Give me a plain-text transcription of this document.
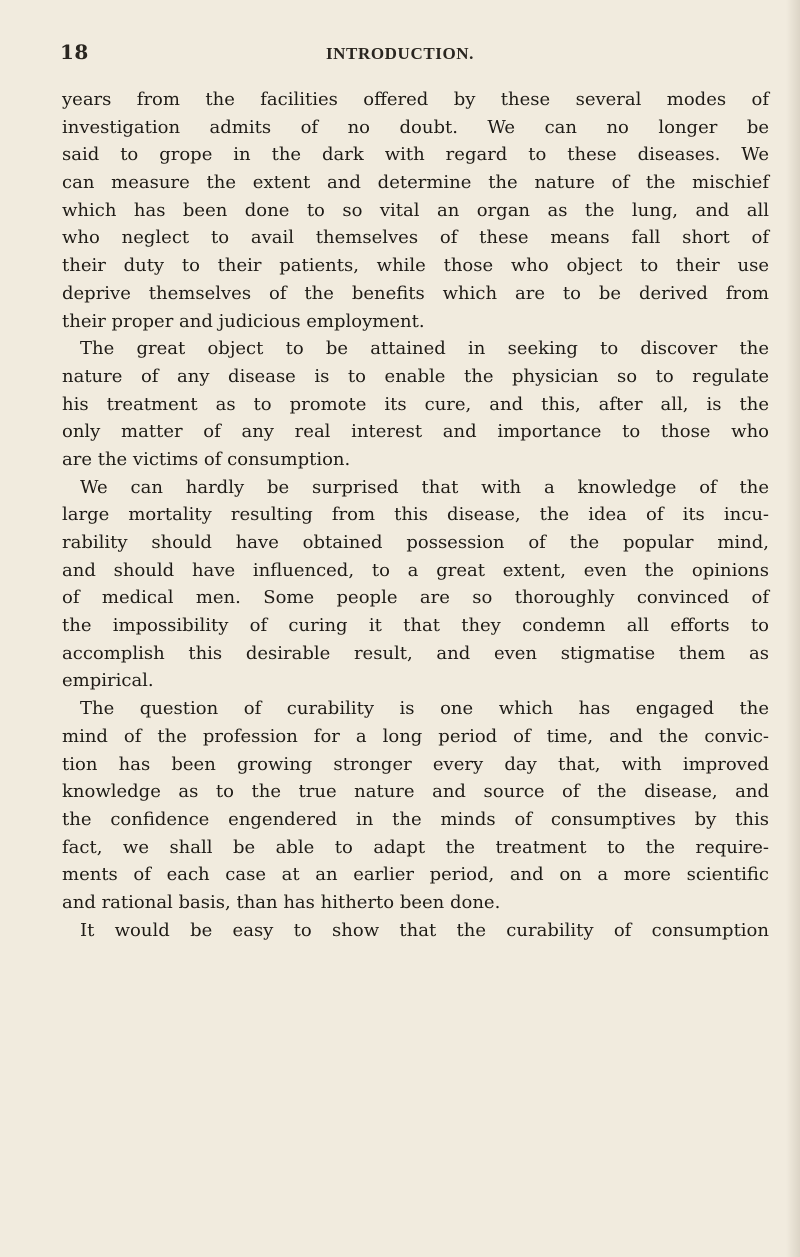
18	INTRODUCTION.
years from the facilities offered by these several modes of
investigation admits of no doubt. We can no longer be
said to grope in the dark with regard to these diseases. We
can measure the extent and determine the nature of the mischief
which has been done to so vital an organ as the lung, and all
who neglect to avail themselves of these means fall short of
their duty to their patients, while those who object to their use
deprive themselves of the benefits which are to be derived from
their proper and judicious employment.
The great object to be attained in seeking to discover the
nature of any disease is to enable the physician so to regulate
his treatment as to promote its cure, and this, after all, is the
only matter of any real interest and importance to those who
are the victims of consumption.
We can hardly be surprised that with a knowledge of the
large mortality resulting from this disease, the idea of its incu-
rability should have obtained possession of the popular mind,
and should have influenced, to a great extent, even the opinions
of medical men. Some people are so thoroughly convinced of
the impossibility of curing it that they condemn all efforts to
accomplish this desirable result, and even stigmatise them as
empirical.
The question of curability is one which has engaged the
mind of the profession for a long period of time, and the convic-
tion has been growing stronger every day that, with improved
knowledge as to the true nature and source of the disease, and
the confidence engendered in the minds of consumptives by this
fact, we shall be able to adapt the treatment to the require-
ments of each case at an earlier period, and on a more scientific
and rational basis, than has hitherto been done.
It would be easy to show that the curability of consumption
